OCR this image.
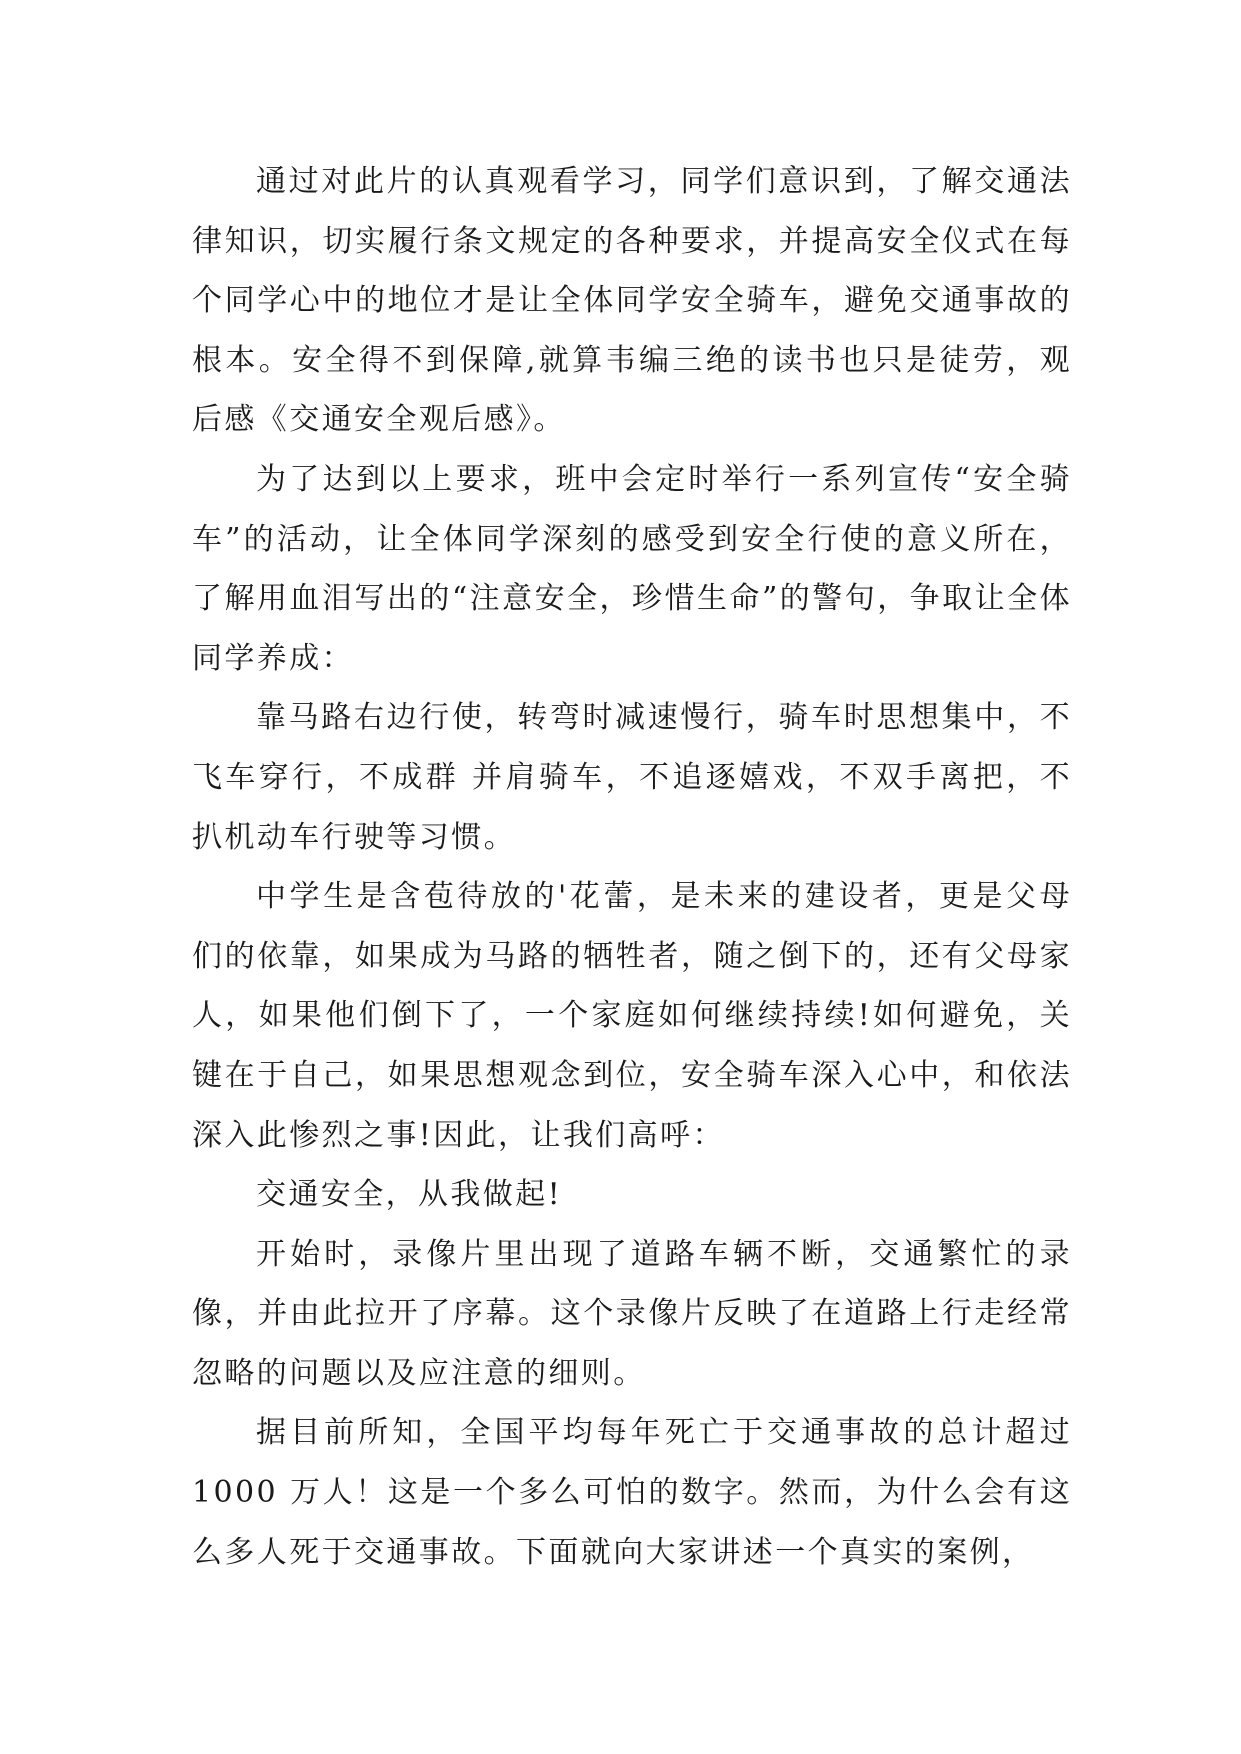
通过对此片的认真观看学习，同学们意识到，了解交通法律知识，切实履行条文规定的各种要求，并提高安全仪式在每个同学心中的地位才是让全体同学安全骑车，避免交通事故的根本。安全得不到保障,就算韦编三绝的读书也只是徒劳，观后感《交通安全观后感》。

为了达到以上要求，班中会定时举行一系列宣传“安全骑车”的活动，让全体同学深刻的感受到安全行使的意义所在，了解用血泪写出的“注意安全，珍惜生命”的警句，争取让全体同学养成：

靠马路右边行使，转弯时减速慢行，骑车时思想集中，不飞车穿行，不成群 并肩骑车，不追逐嬉戏，不双手离把，不扒机动车行驶等习惯。

中学生是含苞待放的'花蕾，是未来的建设者，更是父母们的依靠，如果成为马路的牺牲者，随之倒下的，还有父母家人，如果他们倒下了，一个家庭如何继续持续!如何避免，关键在于自己，如果思想观念到位，安全骑车深入心中，和依法深入此惨烈之事!因此，让我们高呼：

交通安全，从我做起!

开始时，录像片里出现了道路车辆不断，交通繁忙的录像，并由此拉开了序幕。这个录像片反映了在道路上行走经常忽略的问题以及应注意的细则。

据目前所知，全国平均每年死亡于交通事故的总计超过1000 万人！这是一个多么可怕的数字。然而，为什么会有这么多人死于交通事故。下面就向大家讲述一个真实的案例，
